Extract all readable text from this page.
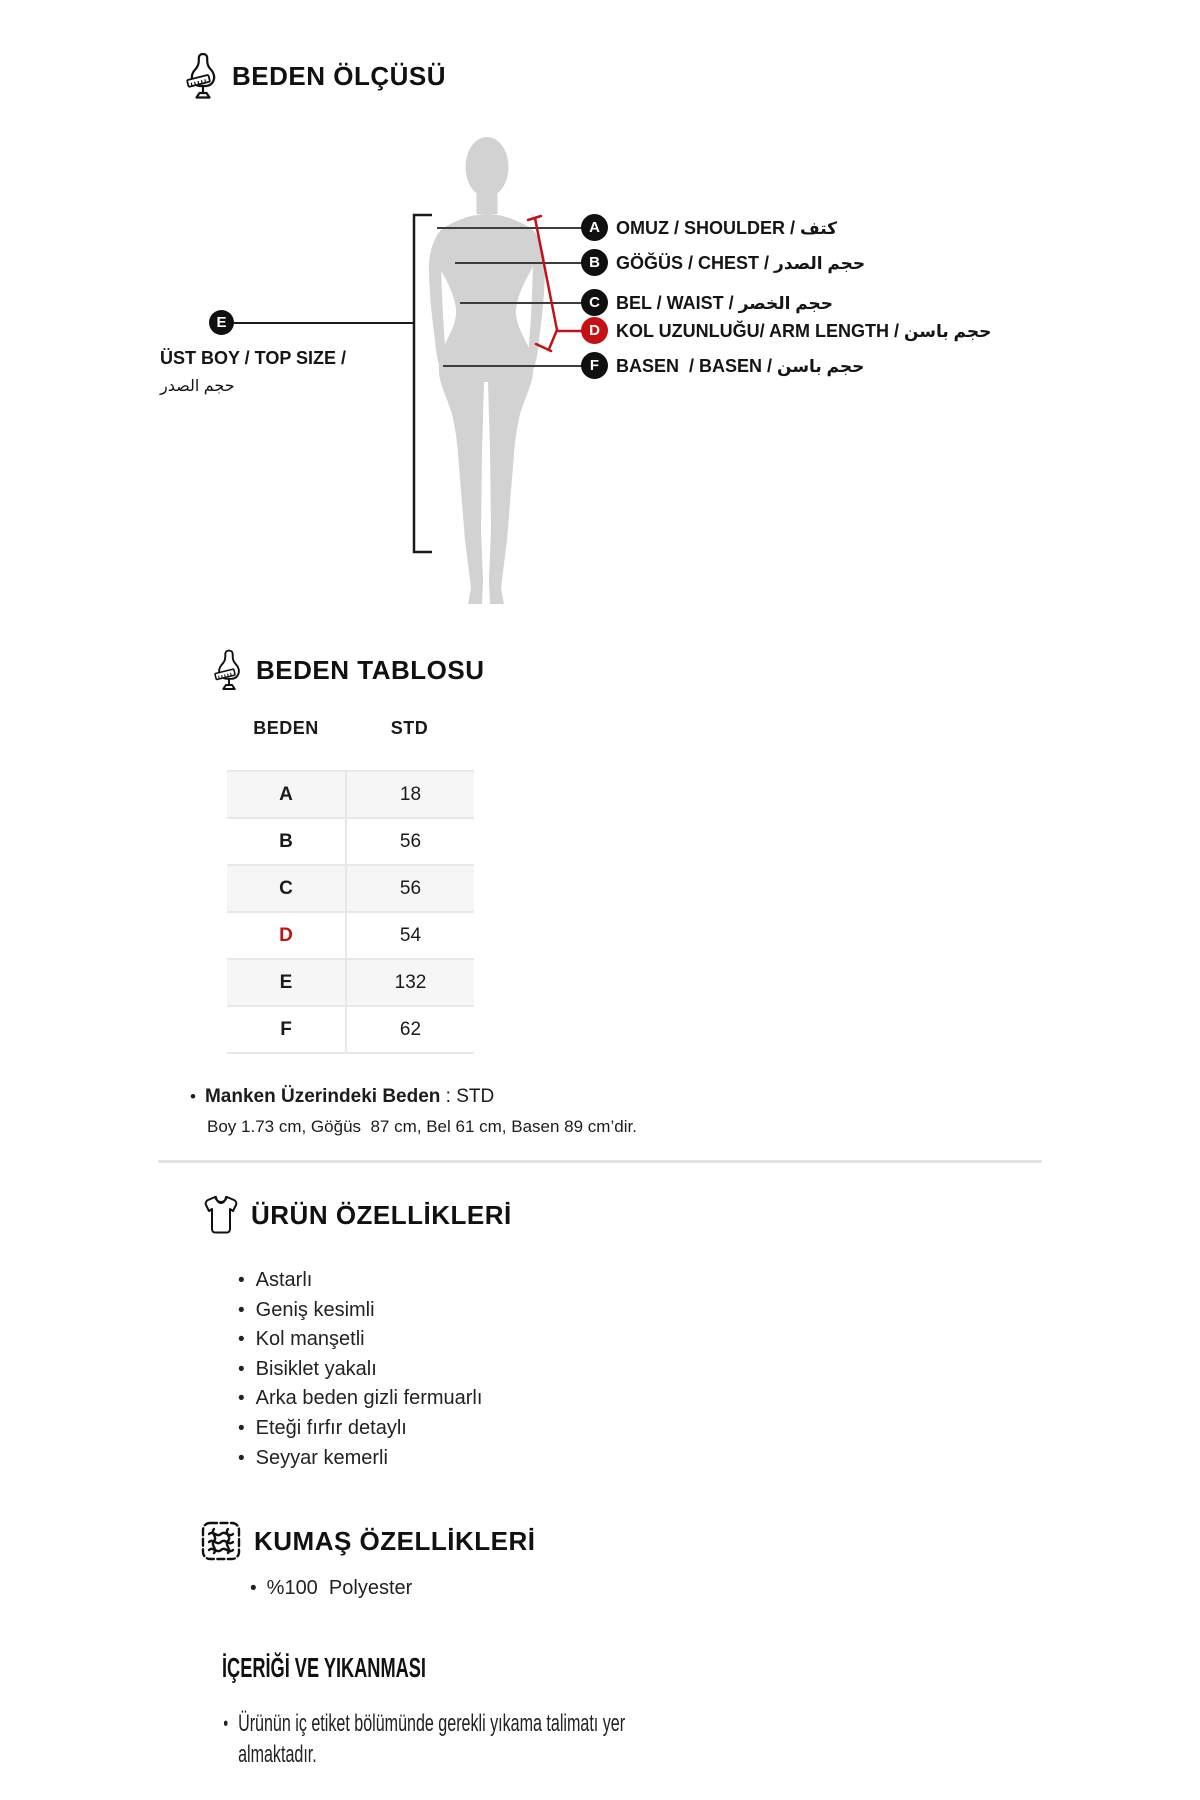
BEDEN ÖLÇÜSÜ
A
B
C
D
F
E
OMUZ / SHOULDER / كتف
GÖĞÜS / CHEST / حجم الصدر
BEL / WAIST / حجم الخصر
KOL UZUNLUĞU/ ARM LENGTH / حجم باسن
BASEN  / BASEN / حجم باسن
ÜST BOY / TOP SIZE /
حجم الصدر
BEDEN TABLOSU
BEDEN	STD
A	18
B	56
C	56
D	54
E	132
F	62
• Manken Üzerindeki Beden : STD
Boy 1.73 cm, Göğüs  87 cm, Bel 61 cm, Basen 89 cm’dir.
ÜRÜN ÖZELLİKLERİ
• Astarlı
• Geniş kesimli
• Kol manşetli
• Bisiklet yakalı
• Arka beden gizli fermuarlı
• Eteği fırfır detaylı
• Seyyar kemerli
KUMAŞ ÖZELLİKLERİ
• %100  Polyester
İÇERİĞİ VE YIKANMASI
• Ürünün iç etiket bölümünde gerekli yıkama talimatı yer almaktadır.
